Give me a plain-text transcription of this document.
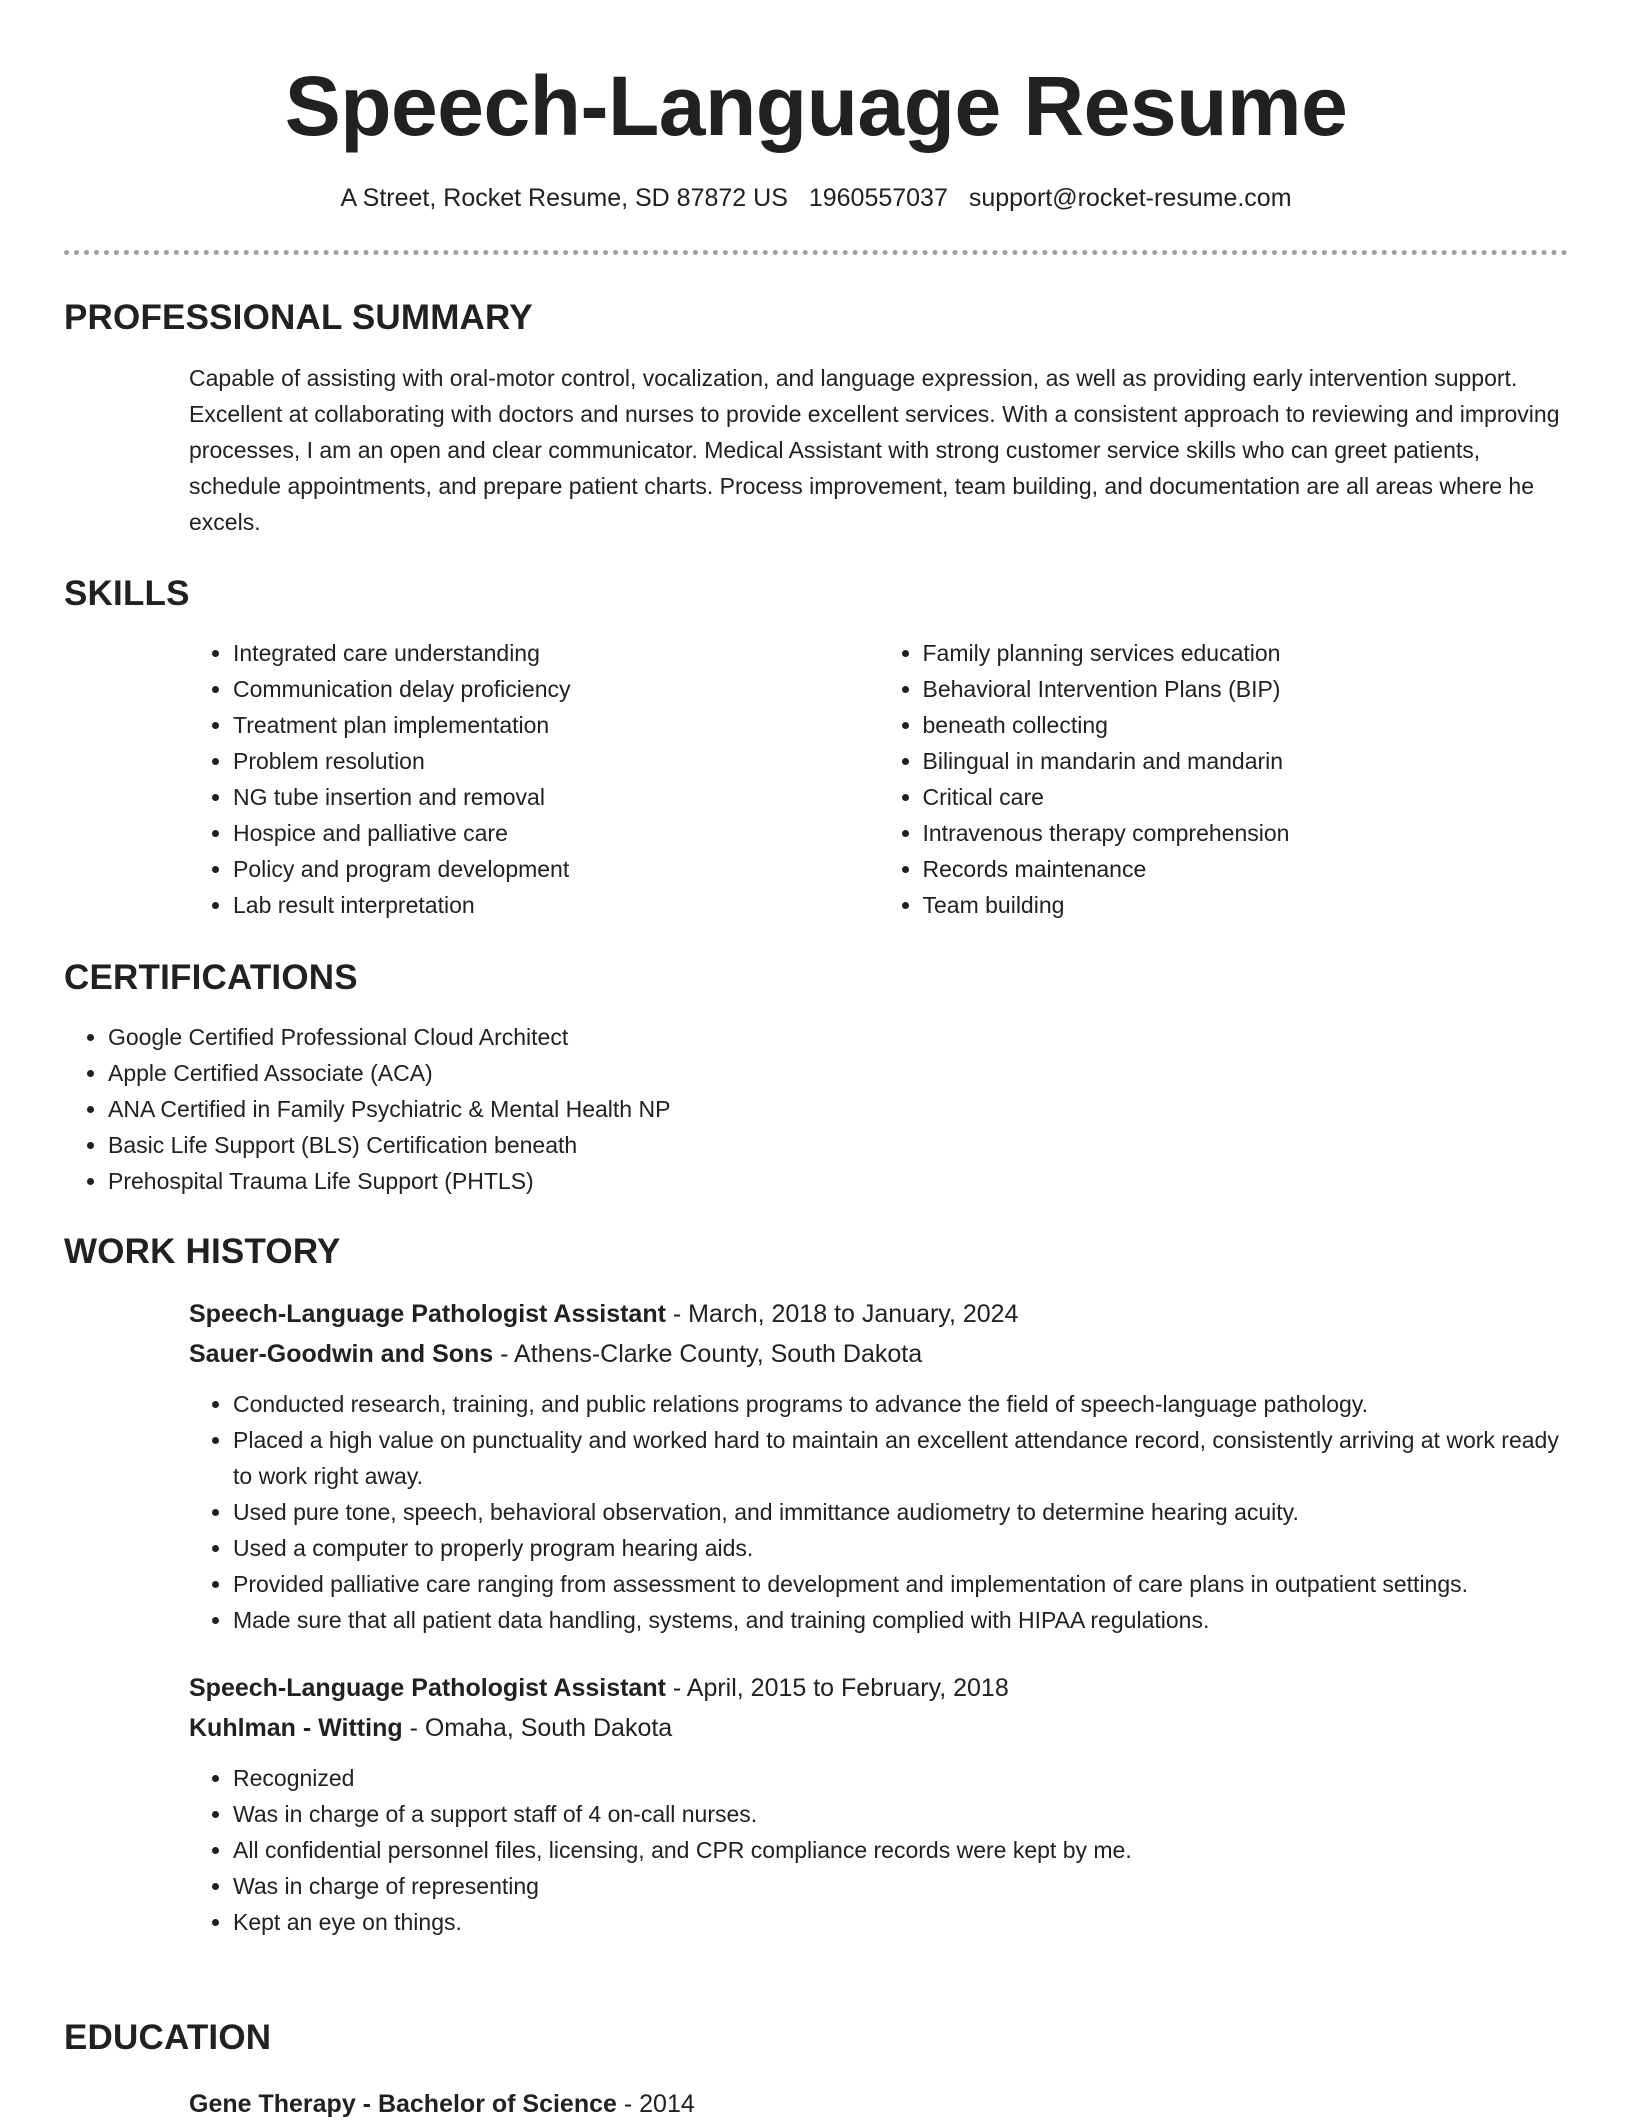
Speech-Language Resume
A Street, Rocket Resume, SD 87872 US 1960557037 support@rocket-resume.com
PROFESSIONAL SUMMARY

Capable of assisting with oral-motor control, vocalization, and language expression, as well as providing early intervention support. Excellent at collaborating with doctors and nurses to provide excellent services. With a consistent approach to reviewing and improving processes, I am an open and clear communicator. Medical Assistant with strong customer service skills who can greet patients, schedule appointments, and prepare patient charts. Process improvement, team building, and documentation are all areas where he excels.

SKILLS
• Integrated care understanding
• Communication delay proficiency
• Treatment plan implementation
• Problem resolution
• NG tube insertion and removal
• Hospice and palliative care
• Policy and program development
• Lab result interpretation
• Family planning services education
• Behavioral Intervention Plans (BIP)
• beneath collecting
• Bilingual in mandarin and mandarin
• Critical care
• Intravenous therapy comprehension
• Records maintenance
• Team building
CERTIFICATIONS
• Google Certified Professional Cloud Architect
• Apple Certified Associate (ACA)
• ANA Certified in Family Psychiatric & Mental Health NP
• Basic Life Support (BLS) Certification beneath
• Prehospital Trauma Life Support (PHTLS)
WORK HISTORY

Speech-Language Pathologist Assistant - March, 2018 to January, 2024

Sauer-Goodwin and Sons - Athens-Clarke County, South Dakota

• Conducted research, training, and public relations programs to advance the field of speech-language pathology.
• Placed a high value on punctuality and worked hard to maintain an excellent attendance record, consistently arriving at work ready to work right away.
• Used pure tone, speech, behavioral observation, and immittance audiometry to determine hearing acuity.
• Used a computer to properly program hearing aids.
• Provided palliative care ranging from assessment to development and implementation of care plans in outpatient settings.
• Made sure that all patient data handling, systems, and training complied with HIPAA regulations.

Speech-Language Pathologist Assistant - April, 2015 to February, 2018

Kuhlman - Witting - Omaha, South Dakota

• Recognized
• Was in charge of a support staff of 4 on-call nurses.
• All confidential personnel files, licensing, and CPR compliance records were kept by me.
• Was in charge of representing
• Kept an eye on things.
EDUCATION

Gene Therapy - Bachelor of Science - 2014
